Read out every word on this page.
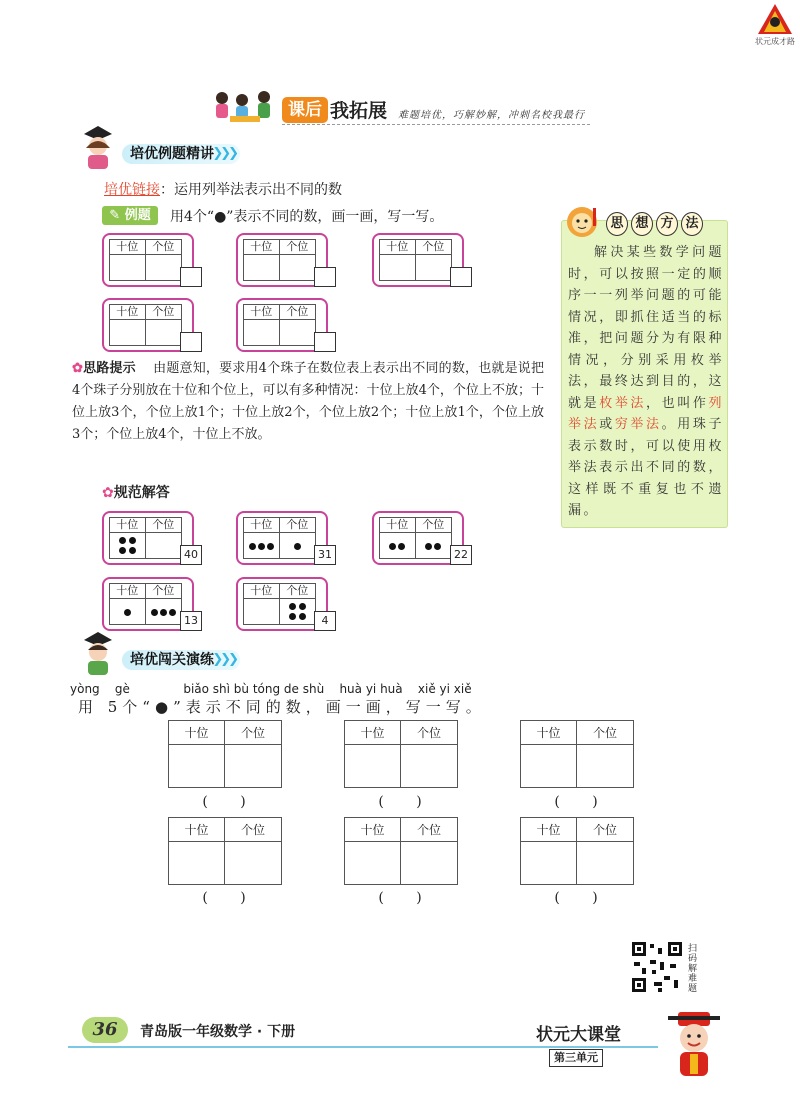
状元成才路
课后 我拓展 难题培优，巧解妙解，冲刺名校我最行
培优例题精讲
❯❯❯
培优链接：运用列举法表示出不同的数
✎ 例题	用4个“●”表示不同的数，画一画，写一写。
十位	个位	十位	个位	十位	个位
十位	个位	十位	个位
思 想 方 法
解决某些数学问题时，可以按照一定的顺序一一列举问题的可能情况，即抓住适当的标准，把问题分为有限种情况，分别采用枚举法，最终达到目的，这就是枚举法，也叫作列举法或穷举法。用珠子表示数时，可以使用枚举法表示出不同的数，这样既不重复也不遗漏。
✿思路提示 由题意知，要求用4个珠子在数位表上表示出不同的数，也就是说把4个珠子分别放在十位和个位上，可以有多种情况：十位上放4个，个位上不放；十位上放3个，个位上放1个；十位上放2个，个位上放2个；十位上放1个，个位上放3个；个位上放4个，十位上不放。
✿规范解答
十位	个位
40
十位	个位
31
十位	个位
22
十位	个位
13
十位	个位
4
培优闯关演练
❯❯❯
yòng    gè              biǎo shì bù tóng de shù    huà yi huà    xiě yi xiě
用 5个“●”表示不同的数，画一画，写一写。
十位	个位	十位	个位	十位	个位
( )	( )	( )
十位	个位	十位	个位	十位	个位
( )	( )	( )
扫码解难题
36	青岛版一年级数学 · 下册	状元大课堂
第三单元
